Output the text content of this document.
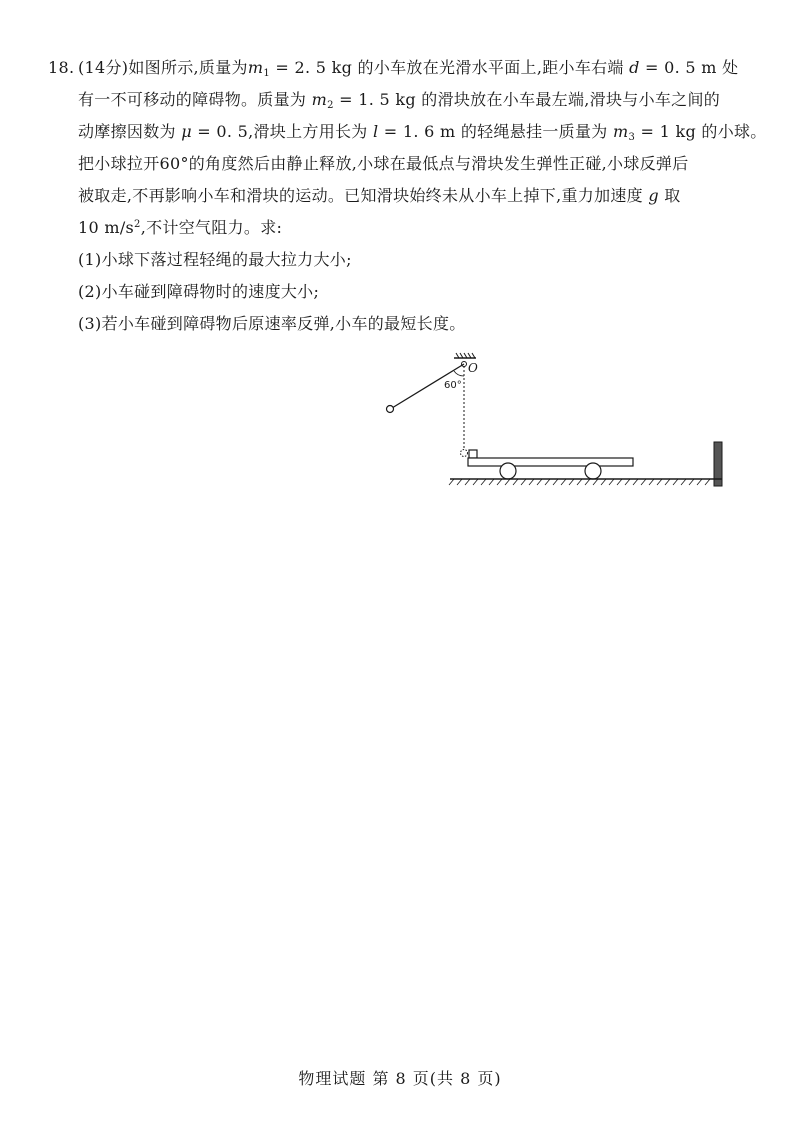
18. (14分)如图所示,质量为$m_1 = 2$. 5 kg 的小车放在光滑水平面上,距小车右端 d = 0. 5 m 处
有一不可移动的障碍物。质量为 $m_2 = 1$. 5 kg 的滑块放在小车最左端,滑块与小车之间的
动摩擦因数为 μ = 0. 5,滑块上方用长为 l = 1. 6 m 的轻绳悬挂一质量为 $m_3 = 1$ kg 的小球。
把小球拉开60°的角度然后由静止释放,小球在最低点与滑块发生弹性正碰,小球反弹后
被取走,不再影响小车和滑块的运动。已知滑块始终未从小车上掉下,重力加速度 g 取
10 $m/s^2$,不计空气阻力。求:
(1)小球下落过程轻绳的最大拉力大小;
(2)小车碰到障碍物时的速度大小;
(3)若小车碰到障碍物后原速率反弹,小车的最短长度。
O
60°
物理试题 第 8 页(共 8 页)
